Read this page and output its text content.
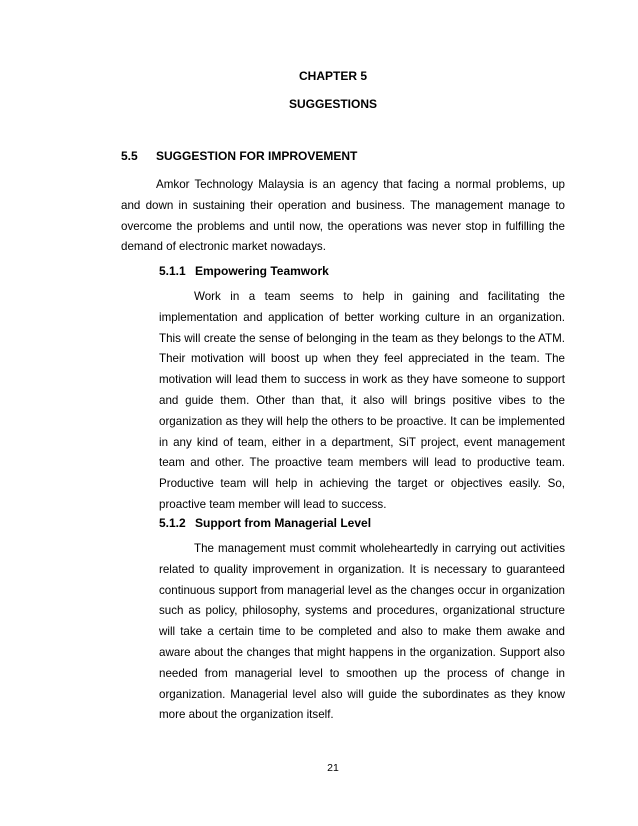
CHAPTER 5
SUGGESTIONS
5.5 SUGGESTION FOR IMPROVEMENT

Amkor Technology Malaysia is an agency that facing a normal problems, up and down in sustaining their operation and business. The management manage to overcome the problems and until now, the operations was never stop in fulfilling the demand of electronic market nowadays.

5.1.1 Empowering Teamwork

Work in a team seems to help in gaining and facilitating the implementation and application of better working culture in an organization. This will create the sense of belonging in the team as they belongs to the ATM. Their motivation will boost up when they feel appreciated in the team. The motivation will lead them to success in work as they have someone to support and guide them. Other than that, it also will brings positive vibes to the organization as they will help the others to be proactive. It can be implemented in any kind of team, either in a department, SiT project, event management team and other. The proactive team members will lead to productive team. Productive team will help in achieving the target or objectives easily. So, proactive team member will lead to success.

5.1.2 Support from Managerial Level

The management must commit wholeheartedly in carrying out activities related to quality improvement in organization. It is necessary to guaranteed continuous support from managerial level as the changes occur in organization such as policy, philosophy, systems and procedures, organizational structure will take a certain time to be completed and also to make them awake and aware about the changes that might happens in the organization. Support also needed from managerial level to smoothen up the process of change in organization. Managerial level also will guide the subordinates as they know more about the organization itself.

21
